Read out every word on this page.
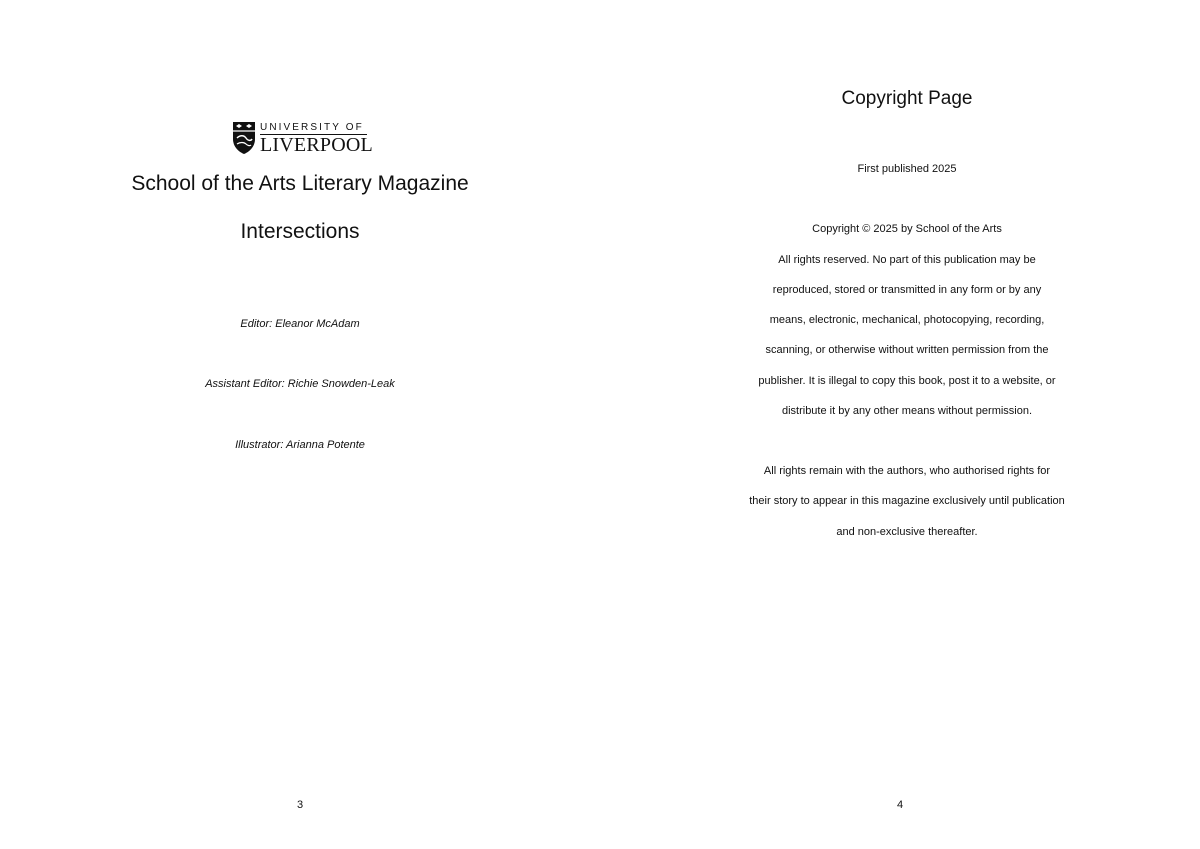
UNIVERSITY OF
LIVERPOOL
School of the Arts Literary Magazine
Intersections
Editor: Eleanor McAdam
Assistant Editor: Richie Snowden-Leak
Illustrator: Arianna Potente
3
Copyright Page
First published 2025
Copyright © 2025 by School of the Arts
All rights reserved. No part of this publication may be
reproduced, stored or transmitted in any form or by any
means, electronic, mechanical, photocopying, recording,
scanning, or otherwise without written permission from the
publisher. It is illegal to copy this book, post it to a website, or
distribute it by any other means without permission.
All rights remain with the authors, who authorised rights for
their story to appear in this magazine exclusively until publication
and non-exclusive thereafter.
4
